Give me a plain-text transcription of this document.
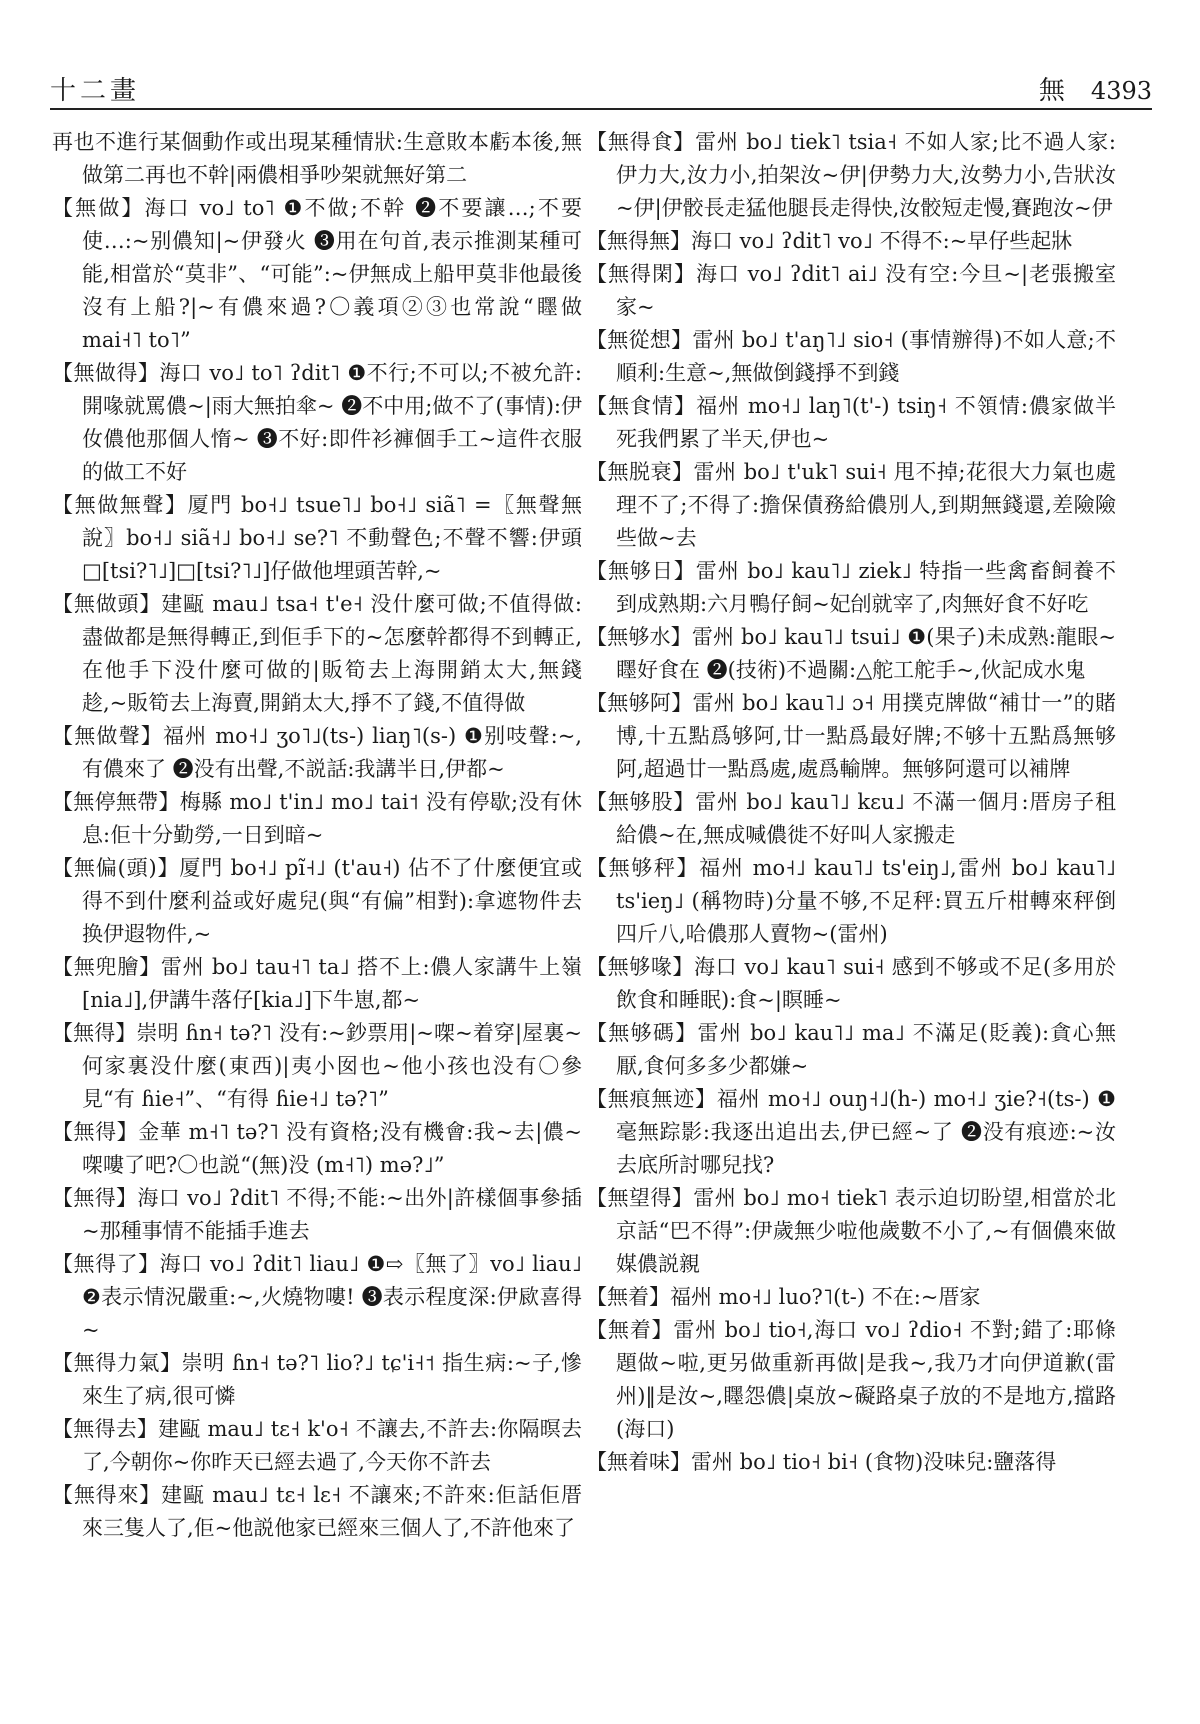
十二畫	無 4393

再也不進行某個動作或出現某種情狀:生意敗本虧本後,無做第二再也不幹|兩儂相爭吵架就無好第二

【無做】海口 vo˩ to˥ ❶不做;不幹 ❷不要讓…;不要使…:~别儂知|~伊發火 ❸用在句首,表示推測某種可能,相當於“莫非”、“可能”:~伊無成上船甲莫非他最後沒有上船?|~有儂來過?〇義項②③也常說“䁼做 mai˧˥ to˥”

【無做得】海口 vo˩ to˥ ʔdit˥ ❶不行;不可以;不被允許:開喙就罵儂~|雨大無拍傘~ ❷不中用;做不了(事情):伊㚢儂他那個人惰~ ❸不好:即件衫褲個手工~這件衣服的做工不好

【無做無聲】厦門 bo˧˩ tsue˥˩ bo˧˩ siã˥ =〖無聲無說〗bo˧˩ siã˧˩ bo˧˩ se?˥ 不動聲色;不聲不響:伊頭□[tsi?˥˩]□[tsi?˥˩]仔做他埋頭苦幹,~

【無做頭】建甌 mau˩ tsa˧ t'e˧ 没什麼可做;不值得做:盡做都是無得轉正,到佢手下的~怎麼幹都得不到轉正,在他手下没什麼可做的|販筍去上海開銷太大,無錢趁,~販筍去上海賣,開銷太大,掙不了錢,不值得做

【無做聲】福州 mo˧˩ ʒo˥˩(ts-) liaŋ˥(s-) ❶别吱聲:~,有儂來了 ❷没有出聲,不説話:我講半日,伊都~

【無停無帶】梅縣 mo˩ t'in˩ mo˩ tai˦ 没有停歇;没有休息:佢十分勤勞,一日到暗~

【無偏(頭)】厦門 bo˧˩ pĩ˧˩ (t'au˧) 佔不了什麼便宜或得不到什麼利益或好處兒(與“有偏”相對):拿遮物件去换伊遐物件,~

【無兜膾】雷州 bo˩ tau˧˥ ta˩ 搭不上:儂人家講牛上嶺[nia˩],伊講牛落仔[kia˩]下牛崽,都~

【無得】崇明 ɦn˧ tə?˥ 没有:~鈔票用|~㗎~着穿|屋裏~何家裏没什麼(東西)|夷小囡也~他小孩也没有〇參見“有 ɦie˧”、“有得 ɦie˧˩ tə?˥”

【無得】金華 m˧˥ tə?˥ 没有資格;没有機會:我~去|儂~㗎嘍了吧?〇也説“(無)没 (m˧˥) mə?˩”

【無得】海口 vo˩ ʔdit˥ 不得;不能:~出外|許樣個事參插~那種事情不能插手進去

【無得了】海口 vo˩ ʔdit˥ liau˩ ❶⇨〖無了〗vo˩ liau˩ ❷表示情況嚴重:~,火燒物嘍! ❸表示程度深:伊㰮喜得~

【無得力氣】崇明 ɦn˧ tə?˥ lio?˩ tɕ'i˧˦ 指生病:~子,慘來生了病,很可憐

【無得去】建甌 mau˩ tɛ˧ k'o˧ 不讓去,不許去:你隔暝去了,今朝你~你昨天已經去過了,今天你不許去

【無得來】建甌 mau˩ tɛ˧ lɛ˧ 不讓來;不許來:佢話佢厝來三隻人了,佢~他説他家已經來三個人了,不許他來了

【無得食】雷州 bo˩ tiek˥ tsia˧ 不如人家;比不過人家:伊力大,汝力小,拍架汝~伊|伊勢力大,汝勢力小,告狀汝~伊|伊骹長走猛他腿長走得快,汝骹短走慢,賽跑汝~伊

【無得無】海口 vo˩ ʔdit˥ vo˩ 不得不:~早仔些起牀

【無得閑】海口 vo˩ ʔdit˥ ai˩ 没有空:今旦~|老張搬室家~

【無從想】雷州 bo˩ t'aŋ˥˩ sio˧ (事情辦得)不如人意;不順利:生意~,無做倒錢掙不到錢

【無食情】福州 mo˧˩ laŋ˥(t'-) tsiŋ˧ 不領情:儂家做半死我們累了半天,伊也~

【無脱衰】雷州 bo˩ t'uk˥ sui˧ 甩不掉;花很大力氣也處理不了;不得了:擔保債務給儂別人,到期無錢還,差險險些做~去

【無够日】雷州 bo˩ kau˥˩ ziek˩ 特指一些禽畜飼養不到成熟期:六月鴨仔飼~妃刣就宰了,肉無好食不好吃

【無够水】雷州 bo˩ kau˥˩ tsui˩ ❶(果子)未成熟:龍眼~䁼好食在 ❷(技術)不過關:△舵工舵手~,伙記成水鬼

【無够阿】雷州 bo˩ kau˥˩ ɔ˧ 用撲克牌做“補廿一”的賭博,十五點爲够阿,廿一點爲最好牌;不够十五點爲無够阿,超過廿一點爲處,處爲輸牌。無够阿還可以補牌

【無够股】雷州 bo˩ kau˥˩ kɛu˩ 不滿一個月:厝房子租給儂~在,無成喊儂徙不好叫人家搬走

【無够秤】福州 mo˧˩ kau˥˩ ts'eiŋ˩,雷州 bo˩ kau˥˩ ts'ieŋ˩ (稱物時)分量不够,不足秤:買五斤柑轉來秤倒四斤八,哈儂那人賣物~(雷州)

【無够喙】海口 vo˩ kau˥ sui˧ 感到不够或不足(多用於飲食和睡眠):食~|瞑睡~

【無够碼】雷州 bo˩ kau˥˩ ma˩ 不滿足(貶義):貪心無厭,食何多多少都嫌~

【無痕無迹】福州 mo˧˩ ouŋ˧˩(h-) mo˧˩ ʒie?˧(ts-) ❶毫無踪影:我逐出追出去,伊已經~了 ❷没有痕迹:~汝去底所討哪兒找?

【無望得】雷州 bo˩ mo˧ tiek˥ 表示迫切盼望,相當於北京話“巴不得”:伊歲無少啦他歲數不小了,~有個儂來做媒儂説親

【無着】福州 mo˧˩ luo?˥(t-) 不在:~厝家

【無着】雷州 bo˩ tio˧,海口 vo˩ ʔdio˧ 不對;錯了:耶條題做~啦,更另做重新再做|是我~,我乃才向伊道歉(雷州)‖是汝~,䁼怨儂|桌放~礙路桌子放的不是地方,擋路(海口)

【無着味】雷州 bo˩ tio˧ bi˧ (食物)没味兒:鹽落得
